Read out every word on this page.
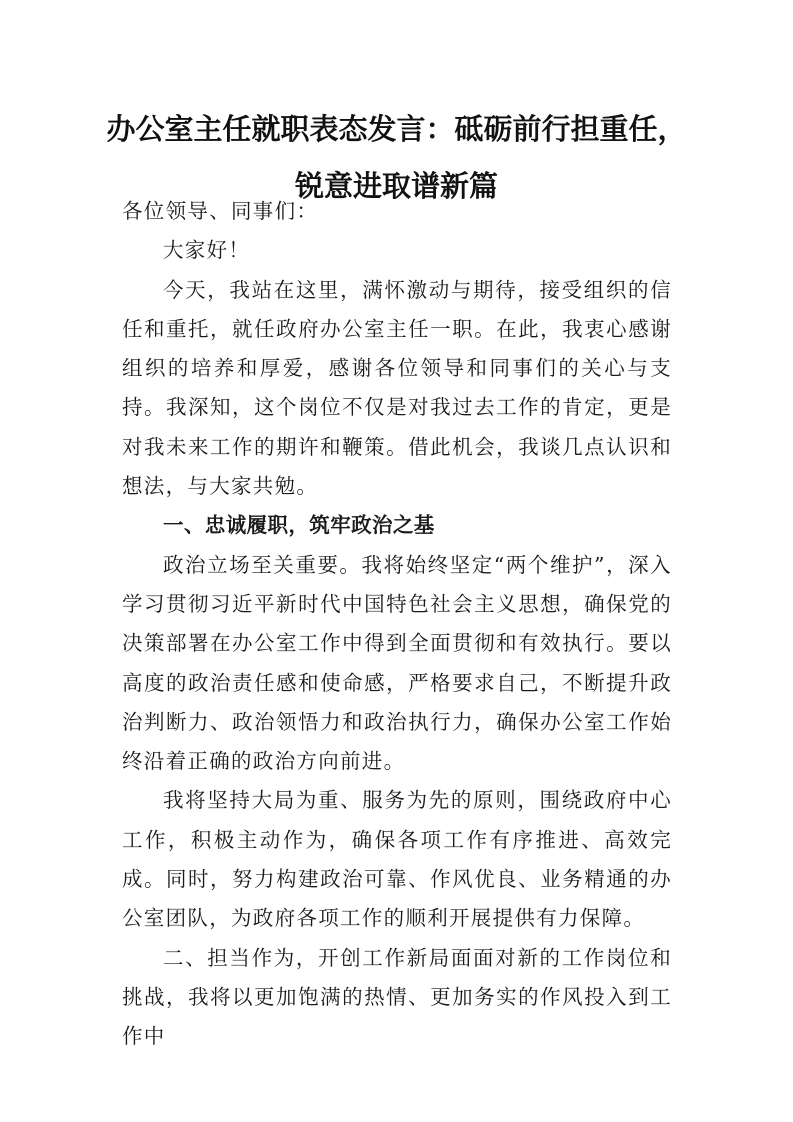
办公室主任就职表态发言：砥砺前行担重任，
锐意进取谱新篇

各位领导、同事们：

大家好！

今天，我站在这里，满怀激动与期待，接受组织的信任和重托，就任政府办公室主任一职。在此，我衷心感谢组织的培养和厚爱，感谢各位领导和同事们的关心与支持。我深知，这个岗位不仅是对我过去工作的肯定，更是对我未来工作的期许和鞭策。借此机会，我谈几点认识和想法，与大家共勉。

一、忠诚履职，筑牢政治之基

政治立场至关重要。我将始终坚定“两个维护”，深入学习贯彻习近平新时代中国特色社会主义思想，确保党的决策部署在办公室工作中得到全面贯彻和有效执行。要以高度的政治责任感和使命感，严格要求自己，不断提升政治判断力、政治领悟力和政治执行力，确保办公室工作始终沿着正确的政治方向前进。

我将坚持大局为重、服务为先的原则，围绕政府中心工作，积极主动作为，确保各项工作有序推进、高效完成。同时，努力构建政治可靠、作风优良、业务精通的办公室团队，为政府各项工作的顺利开展提供有力保障。

二、担当作为，开创工作新局面面对新的工作岗位和挑战，我将以更加饱满的热情、更加务实的作风投入到工作中
